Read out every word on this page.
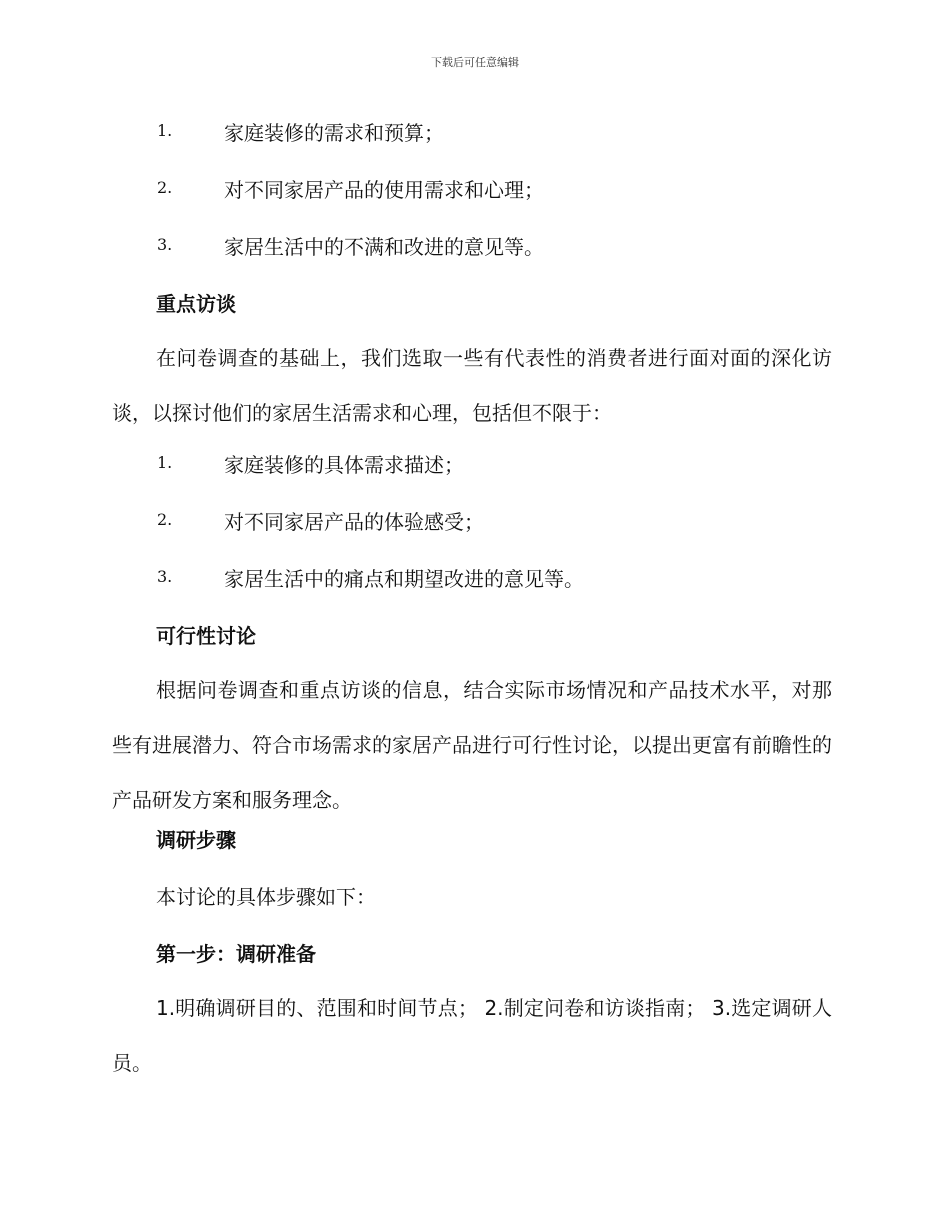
下载后可任意编辑
1.	家庭装修的需求和预算；
2.	对不同家居产品的使用需求和心理；
3.	家居生活中的不满和改进的意见等。
重点访谈
在问卷调查的基础上，我们选取一些有代表性的消费者进行面对面的深化访谈，以探讨他们的家居生活需求和心理，包括但不限于：
1.	家庭装修的具体需求描述；
2.	对不同家居产品的体验感受；
3.	家居生活中的痛点和期望改进的意见等。
可行性讨论
根据问卷调查和重点访谈的信息，结合实际市场情况和产品技术水平，对那些有进展潜力、符合市场需求的家居产品进行可行性讨论，以提出更富有前瞻性的产品研发方案和服务理念。
调研步骤
本讨论的具体步骤如下：
第一步：调研准备
1.明确调研目的、范围和时间节点； 2.制定问卷和访谈指南； 3.选定调研人员。
